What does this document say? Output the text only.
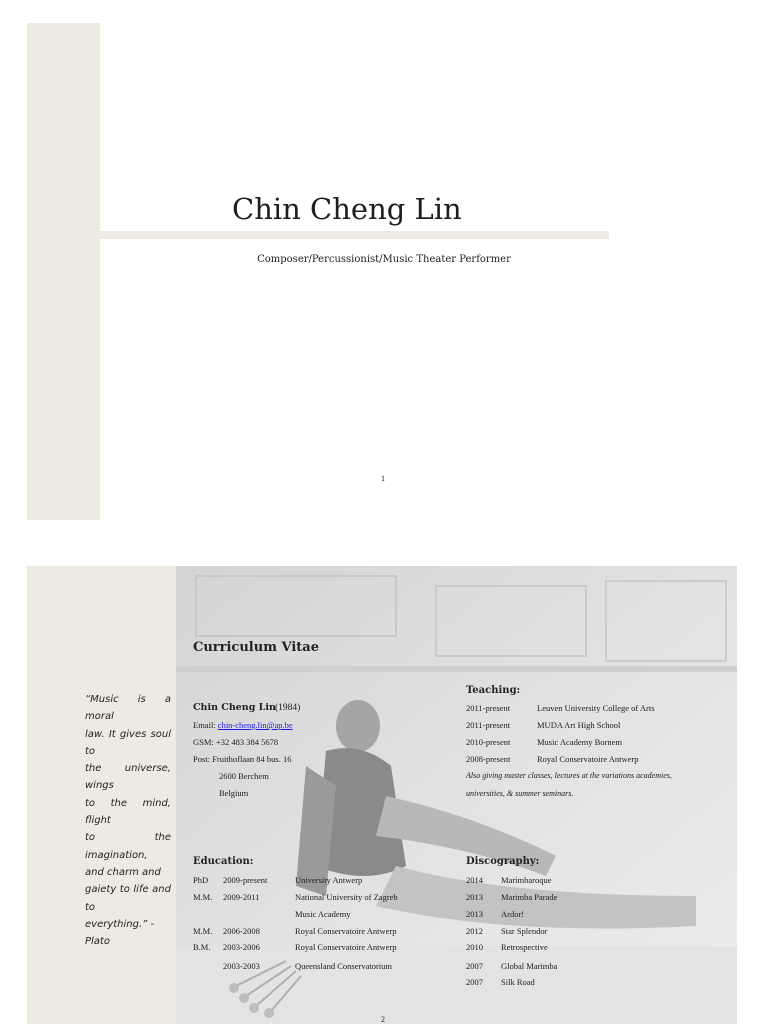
Chin Cheng Lin
Composer/Percussionist/Music Theater Performer
1
“Music is a moral
law. It gives soul to
the universe, wings
to the mind, flight
to the imagination,
and charm and
gaiety to life and to
everything.” - Plato
Curriculum Vitae
Chin Cheng Lin (1984)
Email: chin-cheng.lin@ap.be
GSM: +32 483 384 5678
Post: Fruithoflaan 84 bus. 16
2600 Berchem
Belgium
Teaching:
2011-present	Leuven University College of Arts
2011-present	MUDA Art High School
2010-present	Music Academy Bornem
2008-present	Royal Conservatoire Antwerp
Also giving master classes, lectures at the variations academies,
universities, & summer seminars.
Education:
PhD 2009-present	University Antwerp
M.M. 2009-2011	National University of Zagreb
Music Academy
M.M. 2006-2008	Royal Conservatoire Antwerp
B.M. 2003-2006	Royal Conservatoire Antwerp
2003-2003	Queensland Conservatorium
Discography:
2014 Marimbaroque
2013 Marimba Parade
2013 Ardor!
2012 Star Splendor
2010 Retrospective
2007 Global Marimba
2007 Silk Road
2
